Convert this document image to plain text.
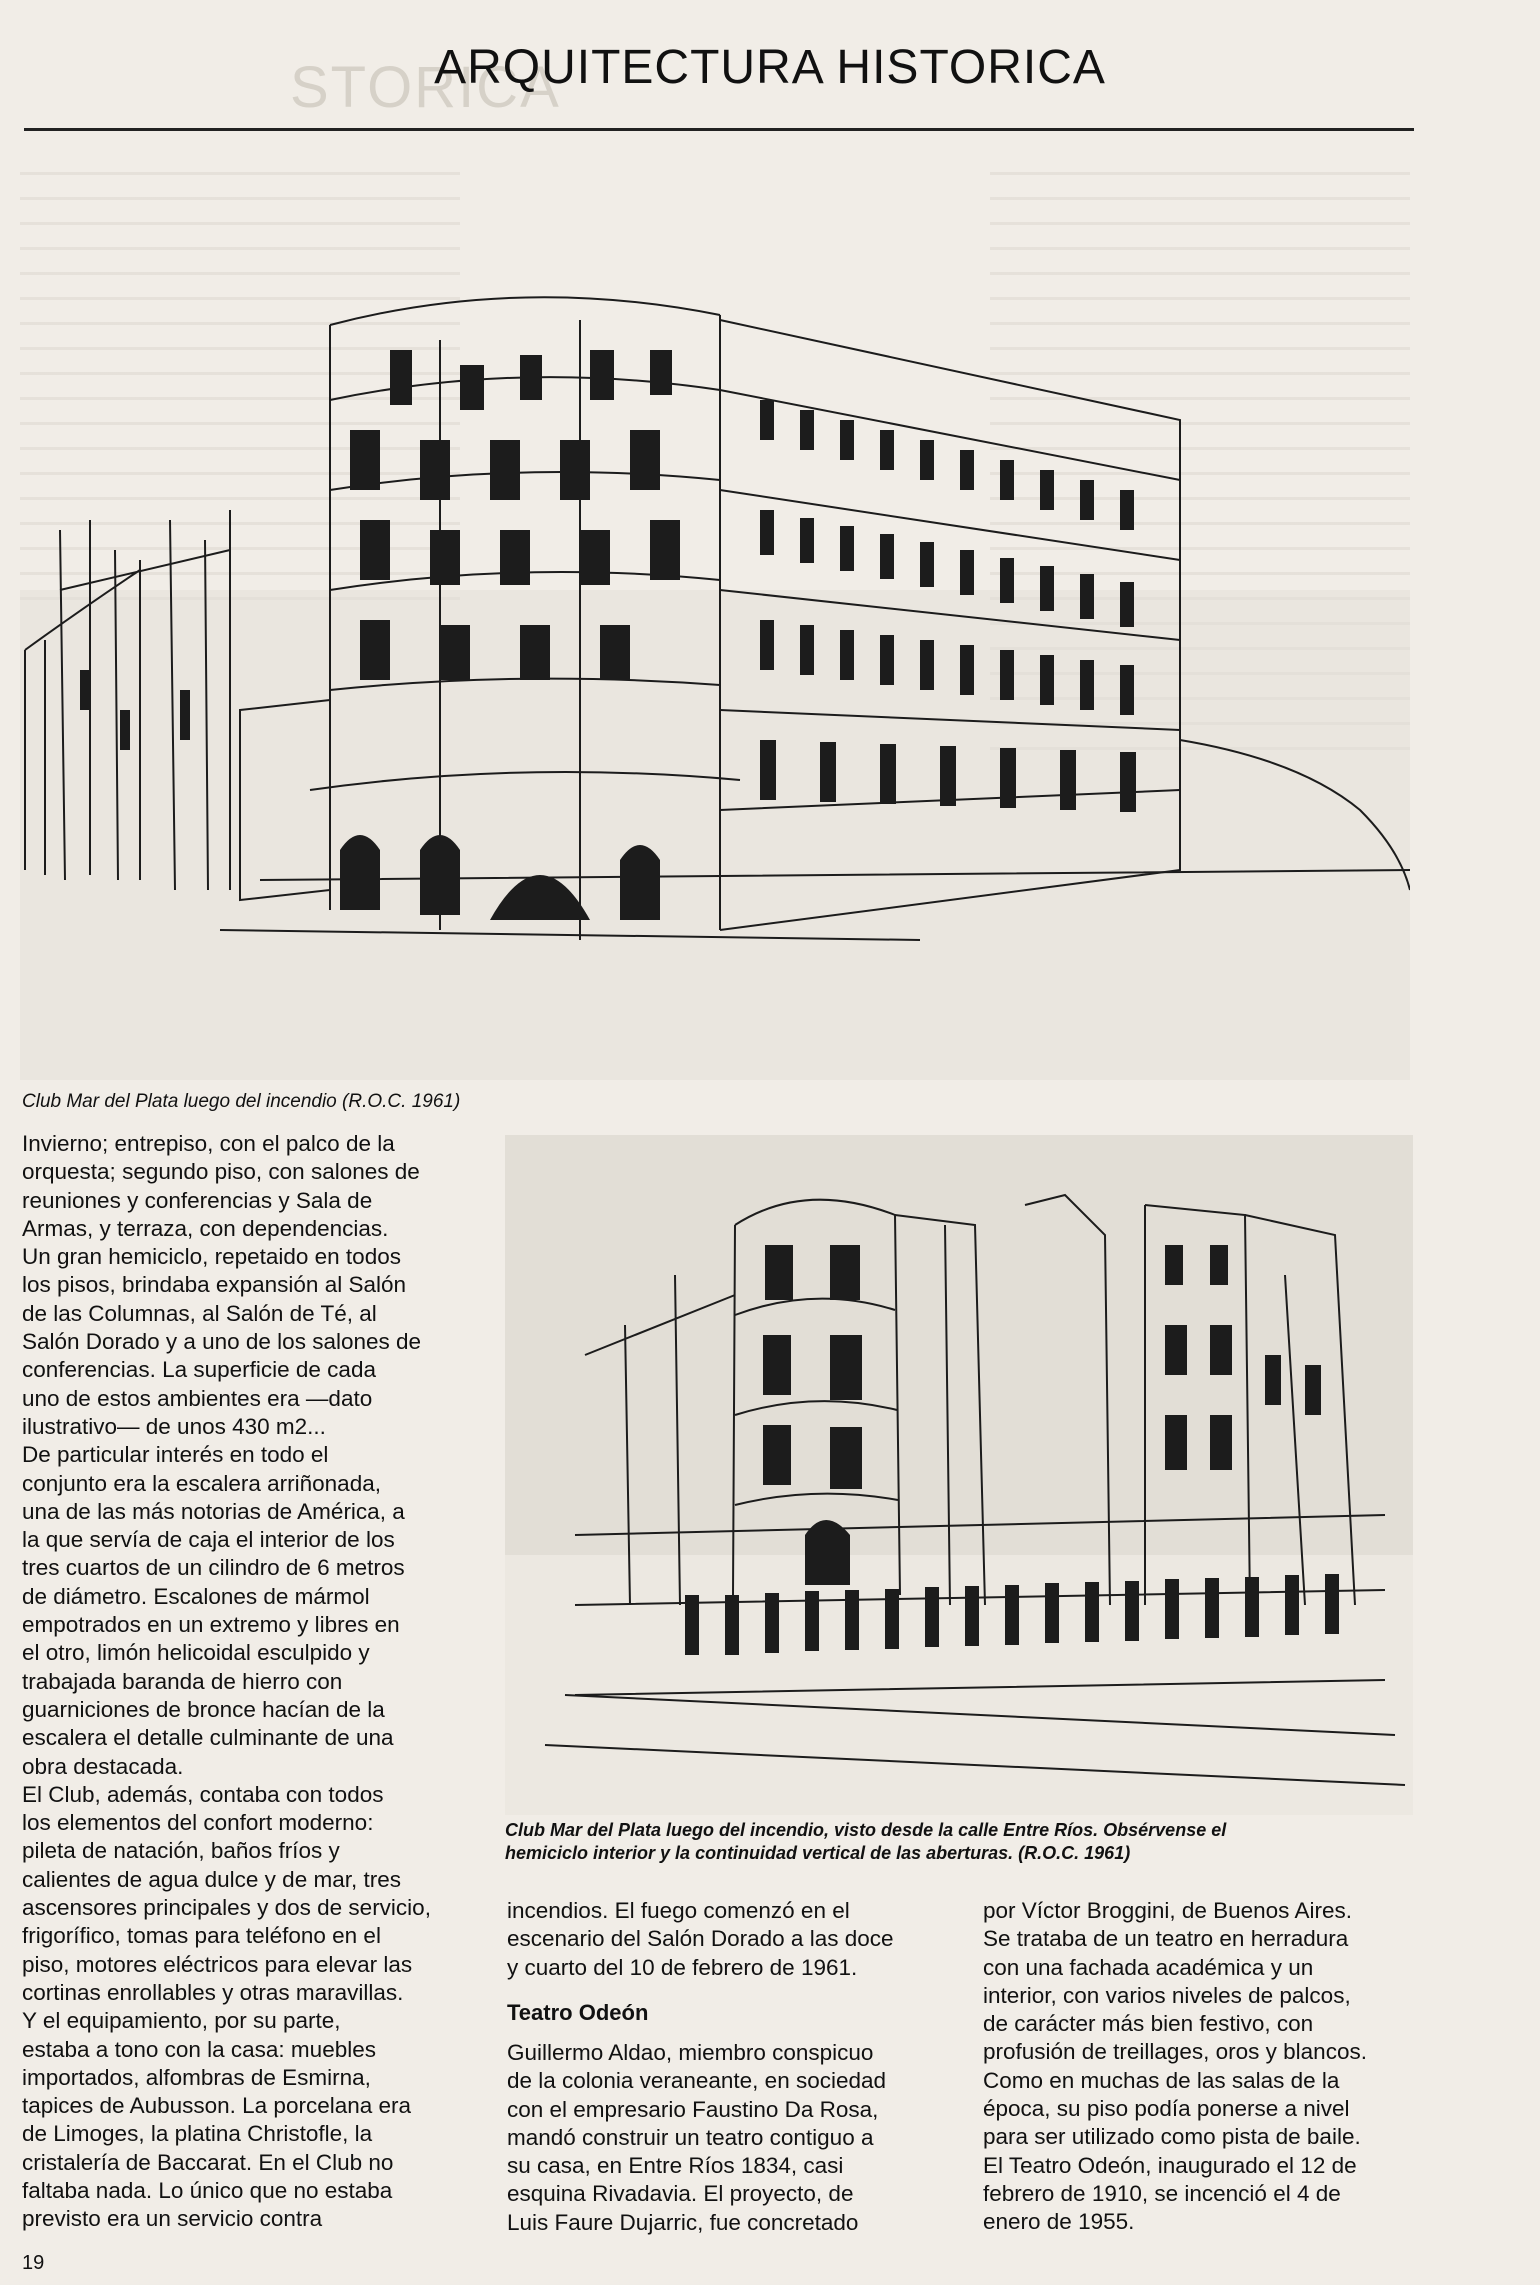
STORICA
ARQUITECTURA HISTORICA
Club Mar del Plata luego del incendio (R.O.C. 1961)

Invierno; entrepiso, con el palco de la
orquesta; segundo piso, con salones de
reuniones y conferencias y Sala de
Armas, y terraza, con dependencias.
Un gran hemiciclo, repetaido en todos
los pisos, brindaba expansión al Salón
de las Columnas, al Salón de Té, al
Salón Dorado y a uno de los salones de
conferencias. La superficie de cada
uno de estos ambientes era —dato
ilustrativo— de unos 430 m2...
De particular interés en todo el
conjunto era la escalera arriñonada,
una de las más notorias de América, a
la que servía de caja el interior de los
tres cuartos de un cilindro de 6 metros
de diámetro. Escalones de mármol
empotrados en un extremo y libres en
el otro, limón helicoidal esculpido y
trabajada baranda de hierro con
guarniciones de bronce hacían de la
escalera el detalle culminante de una
obra destacada.
El Club, además, contaba con todos
los elementos del confort moderno:
pileta de natación, baños fríos y
calientes de agua dulce y de mar, tres
ascensores principales y dos de servicio,
frigorífico, tomas para teléfono en el
piso, motores eléctricos para elevar las
cortinas enrollables y otras maravillas.
Y el equipamiento, por su parte,
estaba a tono con la casa: muebles
importados, alfombras de Esmirna,
tapices de Aubusson. La porcelana era
de Limoges, la platina Christofle, la
cristalería de Baccarat. En el Club no
faltaba nada. Lo único que no estaba
previsto era un servicio contra

Club Mar del Plata luego del incendio, visto desde la calle Entre Ríos. Obsérvense el
hemiciclo interior y la continuidad vertical de las aberturas. (R.O.C. 1961)

incendios. El fuego comenzó en el
escenario del Salón Dorado a las doce
y cuarto del 10 de febrero de 1961.

Teatro Odeón

Guillermo Aldao, miembro conspicuo
de la colonia veraneante, en sociedad
con el empresario Faustino Da Rosa,
mandó construir un teatro contiguo a
su casa, en Entre Ríos 1834, casi
esquina Rivadavia. El proyecto, de
Luis Faure Dujarric, fue concretado

por Víctor Broggini, de Buenos Aires.
Se trataba de un teatro en herradura
con una fachada académica y un
interior, con varios niveles de palcos,
de carácter más bien festivo, con
profusión de treillages, oros y blancos.
Como en muchas de las salas de la
época, su piso podía ponerse a nivel
para ser utilizado como pista de baile.
El Teatro Odeón, inaugurado el 12 de
febrero de 1910, se incenció el 4 de
enero de 1955.

19
